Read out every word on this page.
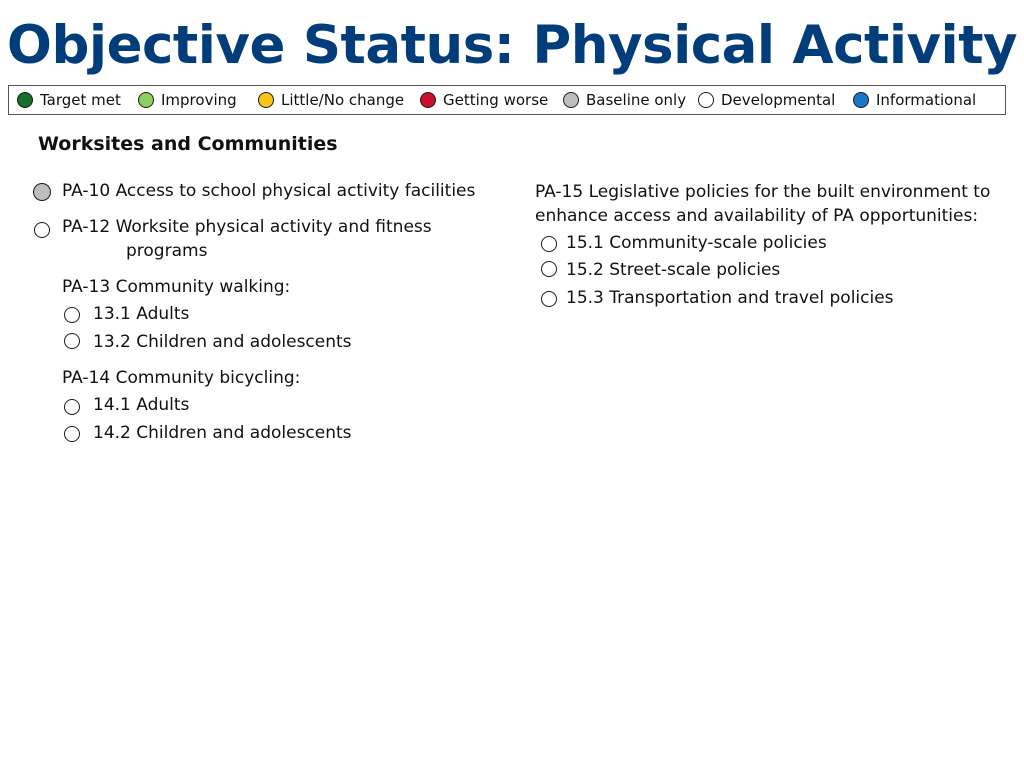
Objective Status: Physical Activity
Target met	Improving	Little/No change	Getting worse	Baseline only Developmental	Informational
Worksites and Communities
PA-10 Access to school physical activity facilities
PA-12 Worksite physical activity and fitness
programs
PA-13 Community walking:
13.1 Adults
13.2 Children and adolescents
PA-14 Community bicycling:
14.1 Adults
14.2 Children and adolescents
PA-15 Legislative policies for the built environment to
enhance access and availability of PA opportunities:
15.1 Community-scale policies
15.2 Street-scale policies
15.3 Transportation and travel policies
